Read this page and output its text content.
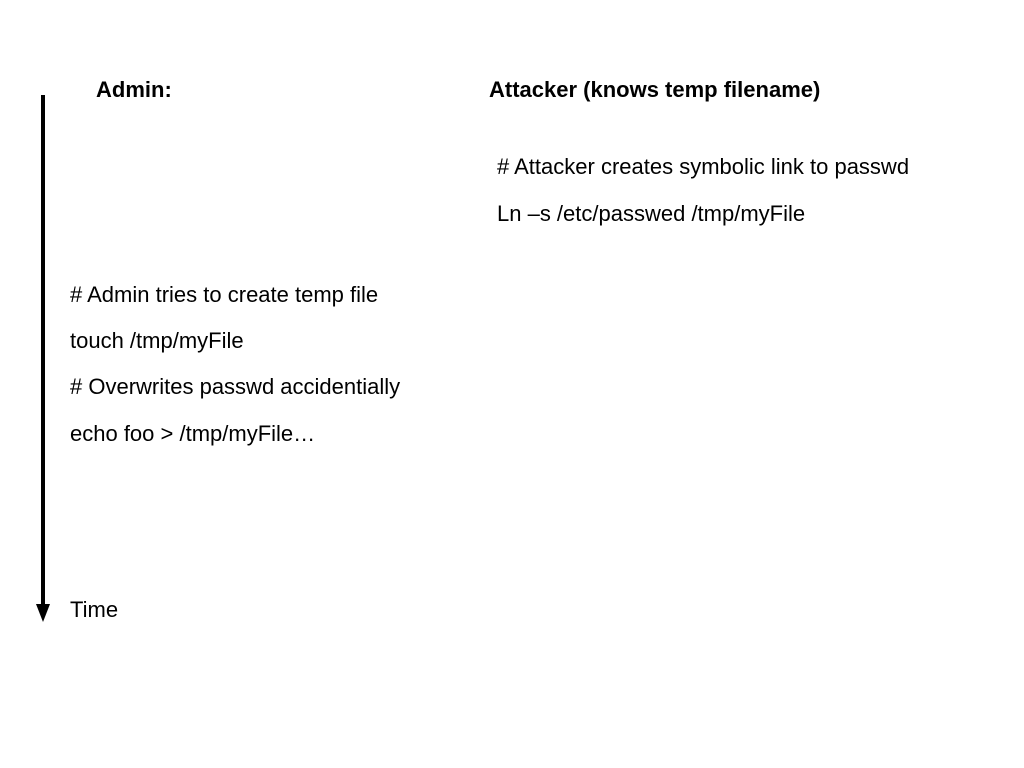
Admin:	Attacker (knows temp filename)
# Attacker creates symbolic link to passwd
Ln –s /etc/passwed /tmp/myFile
# Admin tries to create temp file
touch /tmp/myFile
# Overwrites passwd accidentially
echo foo > /tmp/myFile…
Time
